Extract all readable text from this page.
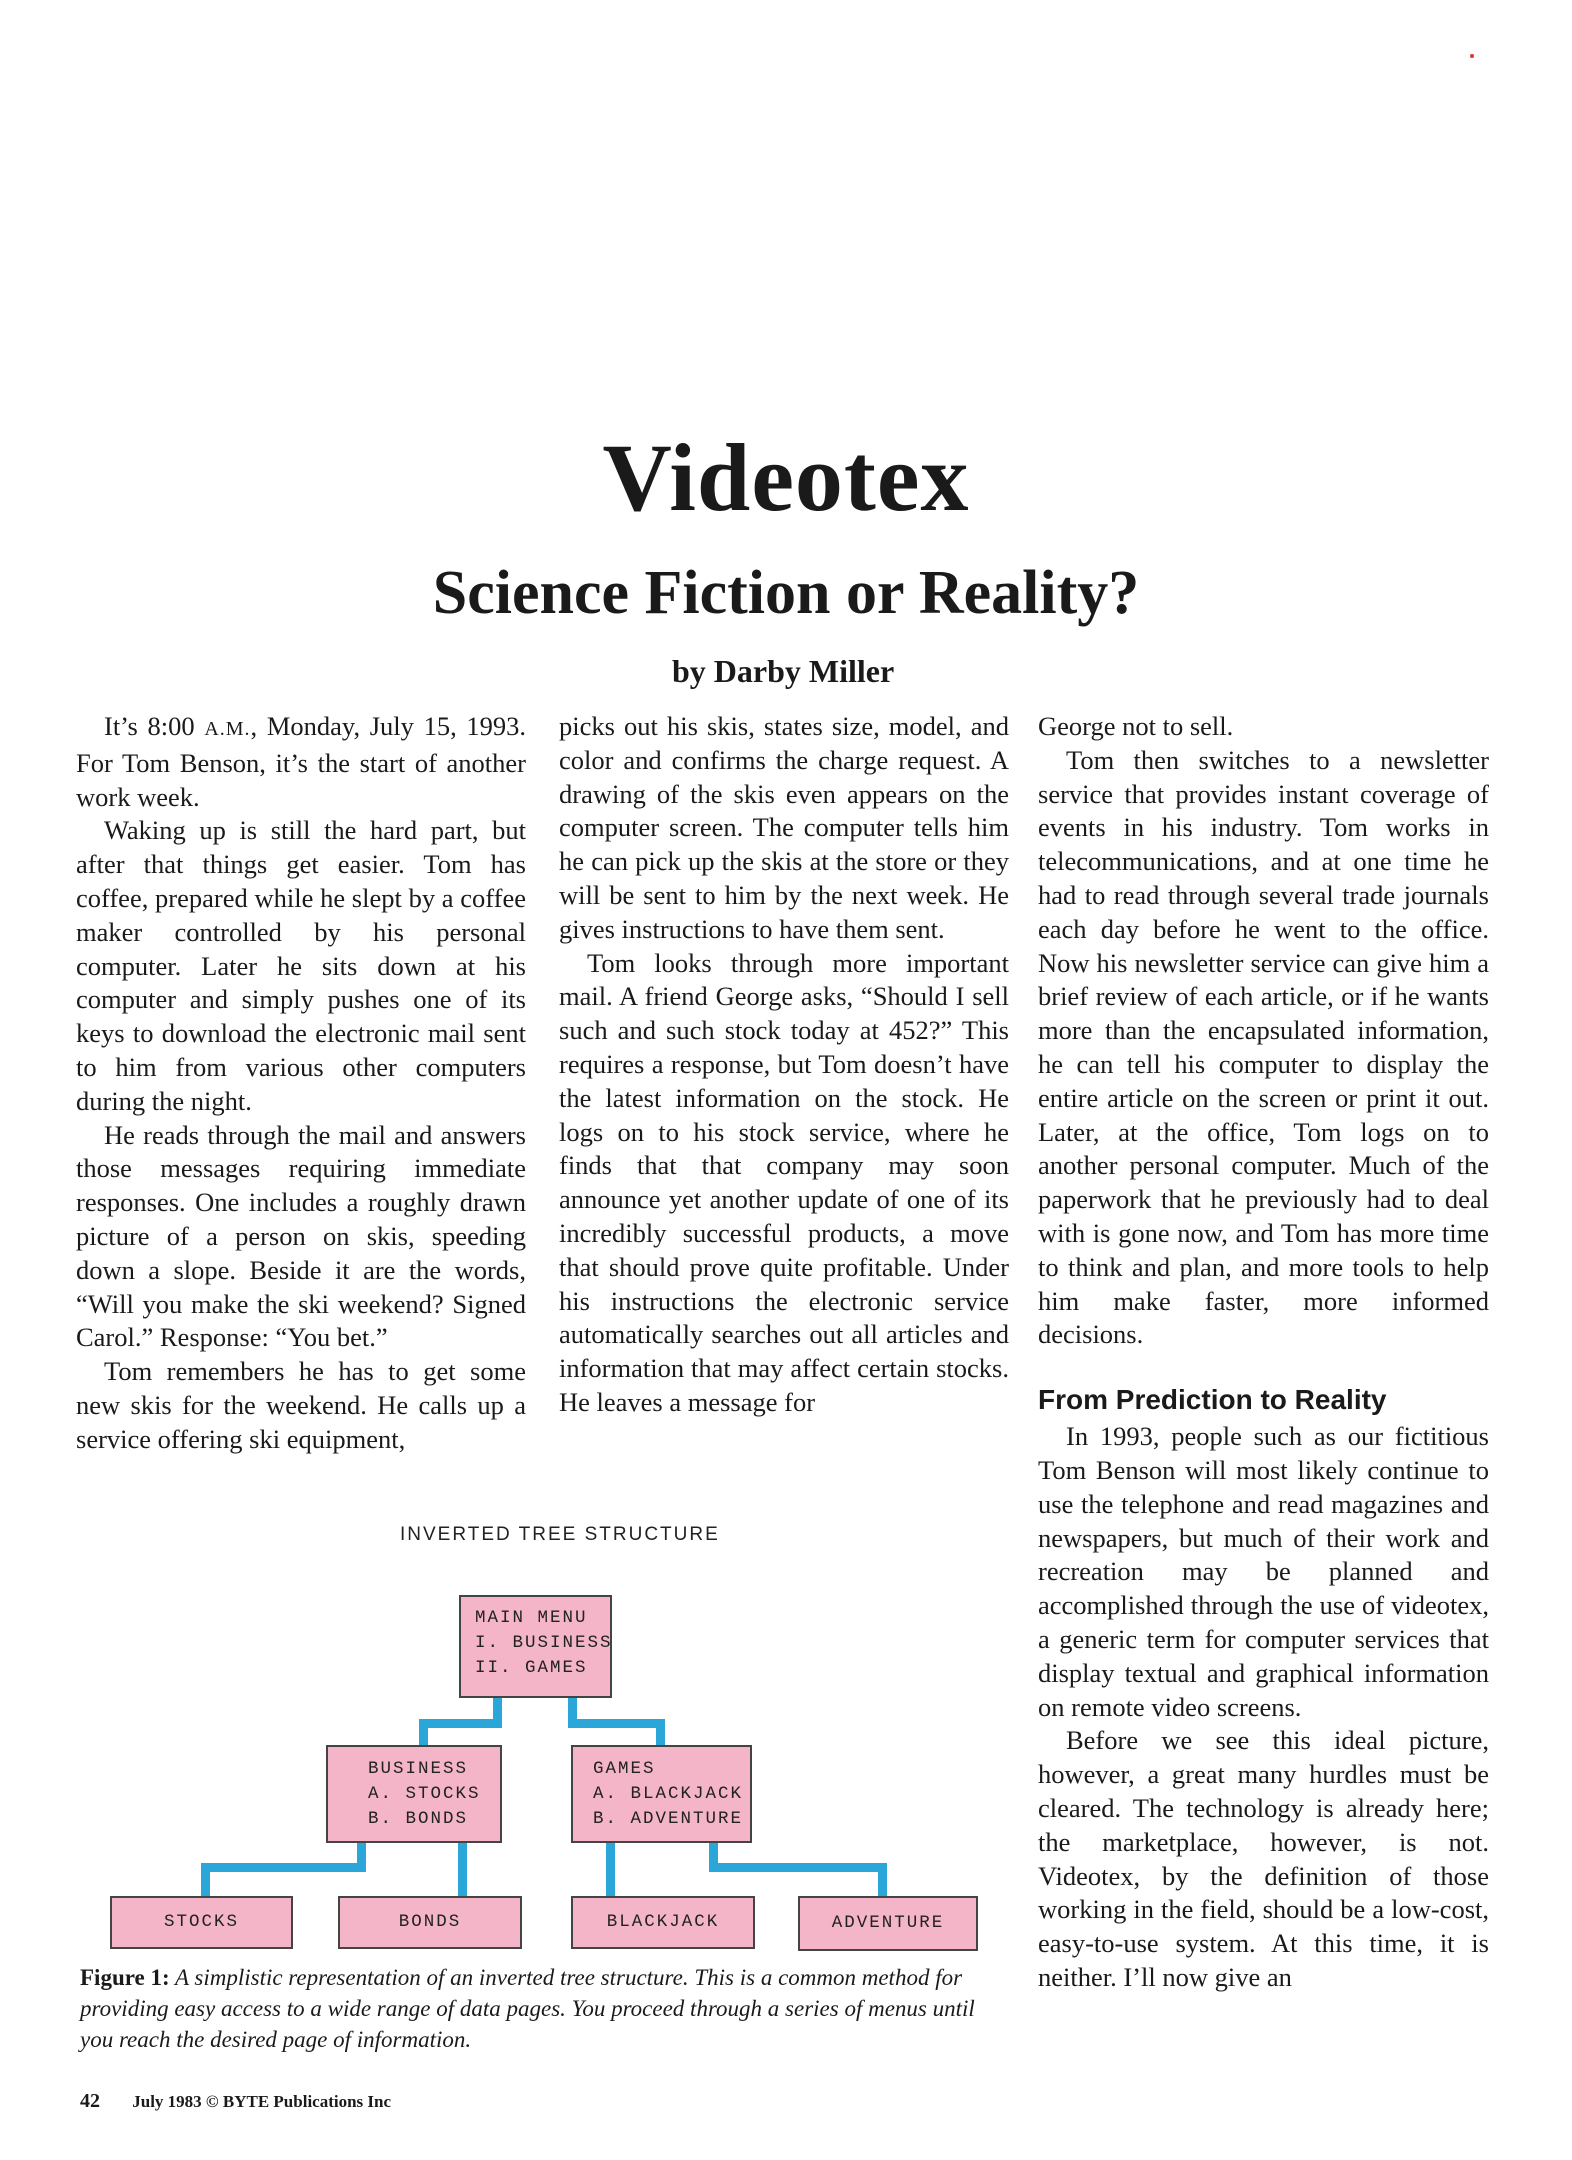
Videotex
Science Fiction or Reality?
by Darby Miller

It’s 8:00 A.M., Monday, July 15, 1993. For Tom Benson, it’s the start of another work week.

Waking up is still the hard part, but after that things get easier. Tom has coffee, prepared while he slept by a coffee maker controlled by his personal computer. Later he sits down at his computer and simply pushes one of its keys to download the electronic mail sent to him from various other computers during the night.

He reads through the mail and answers those messages requiring immediate responses. One includes a roughly drawn picture of a person on skis, speeding down a slope. Beside it are the words, “Will you make the ski weekend? Signed Carol.” Response: “You bet.”

Tom remembers he has to get some new skis for the weekend. He calls up a service offering ski equipment,

picks out his skis, states size, model, and color and confirms the charge request. A drawing of the skis even appears on the computer screen. The computer tells him he can pick up the skis at the store or they will be sent to him by the next week. He gives instructions to have them sent.

Tom looks through more important mail. A friend George asks, “Should I sell such and such stock today at 452?” This requires a response, but Tom doesn’t have the latest information on the stock. He logs on to his stock service, where he finds that that company may soon announce yet another update of one of its incredibly successful products, a move that should prove quite profitable. Under his instructions the electronic service automatically searches out all articles and information that may affect certain stocks. He leaves a message for

George not to sell.

Tom then switches to a newsletter service that provides instant coverage of events in his industry. Tom works in telecommunications, and at one time he had to read through several trade journals each day before he went to the office. Now his newsletter service can give him a brief review of each article, or if he wants more than the encapsulated information, he can tell his computer to display the entire article on the screen or print it out. Later, at the office, Tom logs on to another personal computer. Much of the paperwork that he previously had to deal with is gone now, and Tom has more time to think and plan, and more tools to help him make faster, more informed decisions.

From Prediction to Reality

In 1993, people such as our fictitious Tom Benson will most likely continue to use the telephone and read magazines and newspapers, but much of their work and recreation may be planned and accomplished through the use of videotex, a generic term for computer services that display textual and graphical information on remote video screens.

Before we see this ideal picture, however, a great many hurdles must be cleared. The technology is already here; the marketplace, however, is not. Videotex, by the definition of those working in the field, should be a low-cost, easy-to-use system. At this time, it is neither. I’ll now give an

INVERTED TREE STRUCTURE
MAIN MENU
I. BUSINESS
II. GAMES
BUSINESS
A. STOCKS
B. BONDS
GAMES
A. BLACKJACK
B. ADVENTURE
STOCKS	BONDS	BLACKJACK	ADVENTURE
Figure 1: A simplistic representation of an inverted tree structure. This is a common method for providing easy access to a wide range of data pages. You proceed through a series of menus until you reach the desired page of information.
42 July 1983 © BYTE Publications Inc
